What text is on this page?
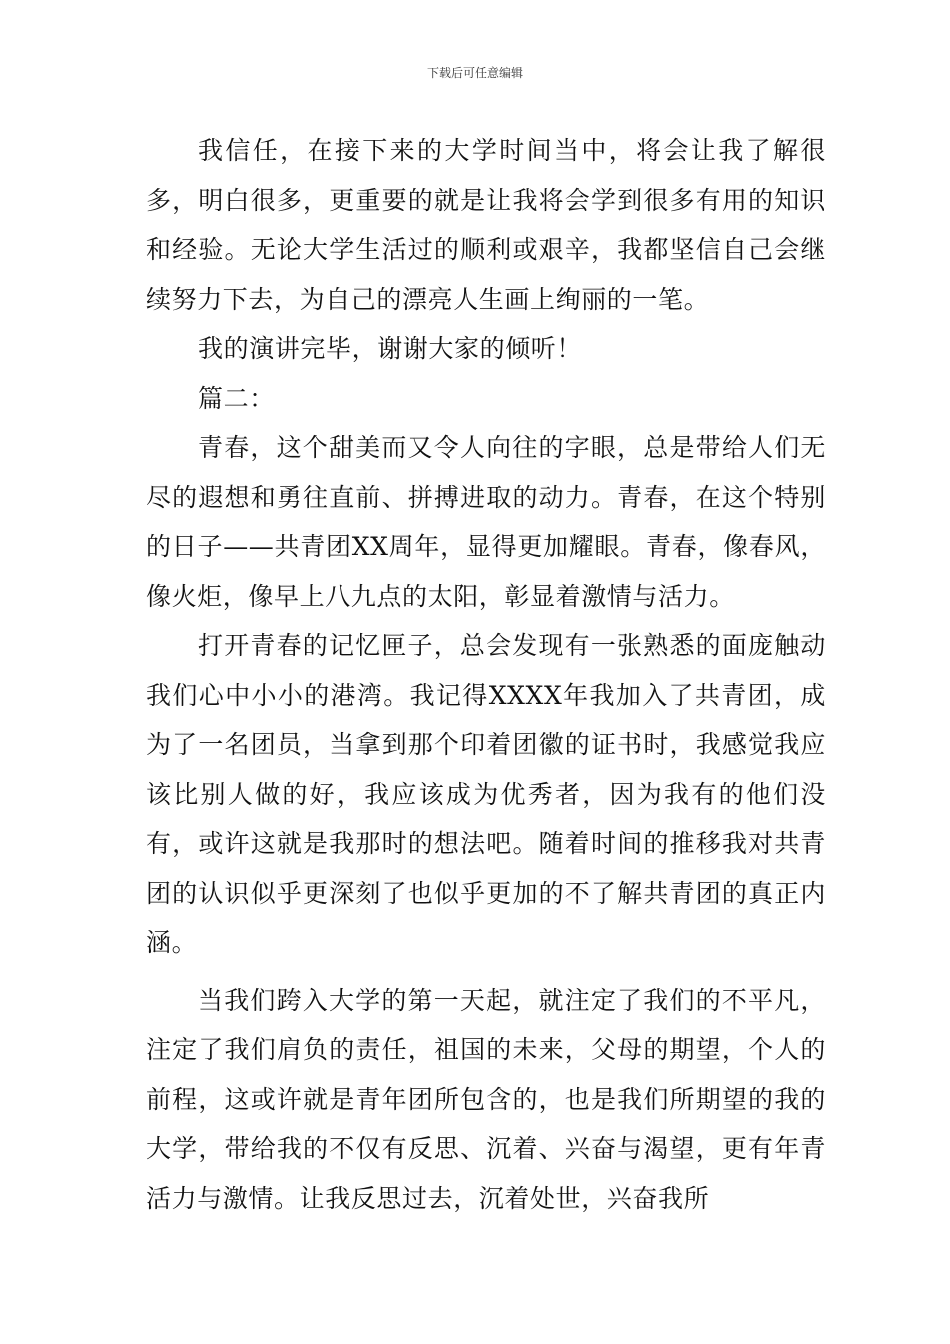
下载后可任意编辑

我信任，在接下来的大学时间当中，将会让我了解很多，明白很多，更重要的就是让我将会学到很多有用的知识和经验。无论大学生活过的顺利或艰辛，我都坚信自己会继续努力下去，为自己的漂亮人生画上绚丽的一笔。

我的演讲完毕，谢谢大家的倾听！

篇二：

青春，这个甜美而又令人向往的字眼，总是带给人们无尽的遐想和勇往直前、拼搏进取的动力。青春，在这个特别的日子——共青团XX周年，显得更加耀眼。青春，像春风，像火炬，像早上八九点的太阳，彰显着激情与活力。

打开青春的记忆匣子，总会发现有一张熟悉的面庞触动我们心中小小的港湾。我记得XXXX年我加入了共青团，成为了一名团员，当拿到那个印着团徽的证书时，我感觉我应该比别人做的好，我应该成为优秀者，因为我有的他们没有，或许这就是我那时的想法吧。随着时间的推移我对共青团的认识似乎更深刻了也似乎更加的不了解共青团的真正内涵。

当我们跨入大学的第一天起，就注定了我们的不平凡，注定了我们肩负的责任，祖国的未来，父母的期望，个人的前程，这或许就是青年团所包含的，也是我们所期望的我的大学，带给我的不仅有反思、沉着、兴奋与渴望，更有年青活力与激情。让我反思过去，沉着处世，兴奋我所
